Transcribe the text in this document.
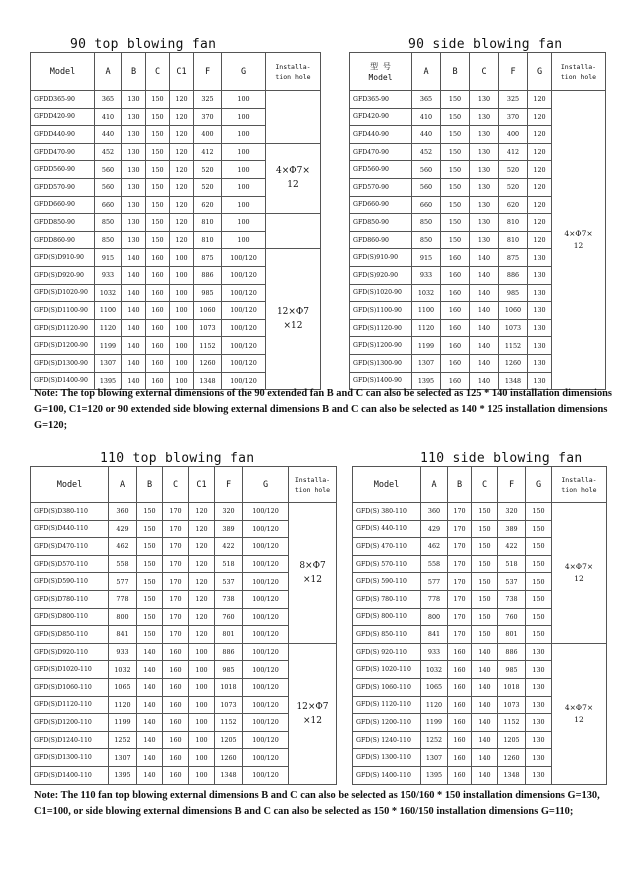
90 top blowing fan
Model	A	B	C	C1	F	G	Installa-
tion hole
GFDD365-90	365	130	150	120	325	100	
GFDD420-90	410	130	150	120	370	100	
GFDD440-90	440	130	150	120	400	100	
GFDD470-90	452	130	150	120	412	100	4×Φ7×
12
GFDD560-90	560	130	150	120	520	100	
GFDD570-90	560	130	150	120	520	100	
GFDD660-90	660	130	150	120	620	100	
GFDD850-90	850	130	150	120	810	100	
GFDD860-90	850	130	150	120	810	100	
GFD(S)D910-90	915	140	160	100	875	100/120	12×Φ7
×12
GFD(S)D920-90	933	140	160	100	886	100/120	
GFD(S)D1020-90	1032	140	160	100	985	100/120	
GFD(S)D1100-90	1100	140	160	100	1060	100/120	
GFD(S)D1120-90	1120	140	160	100	1073	100/120	
GFD(S)D1200-90	1199	140	160	100	1152	100/120	
GFD(S)D1300-90	1307	140	160	100	1260	100/120	
GFD(S)D1400-90	1395	140	160	100	1348	100/120	
90 side blowing fan
型 号
Model	A	B	C	F	G	Installa-
tion hole
GFD365-90	365	150	130	325	120	4×Φ7×
12
GFD420-90	410	150	130	370	120	
GFD440-90	440	150	130	400	120	
GFD470-90	452	150	130	412	120	
GFD560-90	560	150	130	520	120	
GFD570-90	560	150	130	520	120	
GFD660-90	660	150	130	620	120	
GFD850-90	850	150	130	810	120	
GFD860-90	850	150	130	810	120	
GFD(S)910-90	915	160	140	875	130	
GFD(S)920-90	933	160	140	886	130	
GFD(S)1020-90	1032	160	140	985	130	
GFD(S)1100-90	1100	160	140	1060	130	
GFD(S)1120-90	1120	160	140	1073	130	
GFD(S)1200-90	1199	160	140	1152	130	
GFD(S)1300-90	1307	160	140	1260	130	
GFD(S)1400-90	1395	160	140	1348	130	
Note: The top blowing external dimensions of the 90 extended fan B and C can also be selected as 125 * 140 installation dimensions G=100, C1=120 or 90 extended side blowing external dimensions B and C can also be selected as 140 * 125 installation dimensions G=120;
110 top blowing fan
Model	A	B	C	C1	F	G	Installa-
tion hole
GFD(S)D380-110	360	150	170	120	320	100/120	8×Φ7
×12
GFD(S)D440-110	429	150	170	120	389	100/120	
GFD(S)D470-110	462	150	170	120	422	100/120	
GFD(S)D570-110	558	150	170	120	518	100/120	
GFD(S)D590-110	577	150	170	120	537	100/120	
GFD(S)D780-110	778	150	170	120	738	100/120	
GFD(S)D800-110	800	150	170	120	760	100/120	
GFD(S)D850-110	841	150	170	120	801	100/120	
GFD(S)D920-110	933	140	160	100	886	100/120	12×Φ7
×12
GFD(S)D1020-110	1032	140	160	100	985	100/120	
GFD(S)D1060-110	1065	140	160	100	1018	100/120	
GFD(S)D1120-110	1120	140	160	100	1073	100/120	
GFD(S)D1200-110	1199	140	160	100	1152	100/120	
GFD(S)D1240-110	1252	140	160	100	1205	100/120	
GFD(S)D1300-110	1307	140	160	100	1260	100/120	
GFD(S)D1400-110	1395	140	160	100	1348	100/120	
110 side blowing fan
Model	A	B	C	F	G	Installa-
tion hole
GFD(S) 380-110	360	170	150	320	150	4×Φ7×
12
GFD(S) 440-110	429	170	150	389	150	
GFD(S) 470-110	462	170	150	422	150	
GFD(S) 570-110	558	170	150	518	150	
GFD(S) 590-110	577	170	150	537	150	
GFD(S) 780-110	778	170	150	738	150	
GFD(S) 800-110	800	170	150	760	150	
GFD(S) 850-110	841	170	150	801	150	
GFD(S) 920-110	933	160	140	886	130	4×Φ7×
12
GFD(S) 1020-110	1032	160	140	985	130	
GFD(S) 1060-110	1065	160	140	1018	130	
GFD(S) 1120-110	1120	160	140	1073	130	
GFD(S) 1200-110	1199	160	140	1152	130	
GFD(S) 1240-110	1252	160	140	1205	130	
GFD(S) 1300-110	1307	160	140	1260	130	
GFD(S) 1400-110	1395	160	140	1348	130	
Note: The 110 fan top blowing external dimensions B and C can also be selected as 150/160 * 150 installation dimensions G=130, C1=100, or side blowing external dimensions B and C can also be selected as 150 * 160/150 installation dimensions G=110;
